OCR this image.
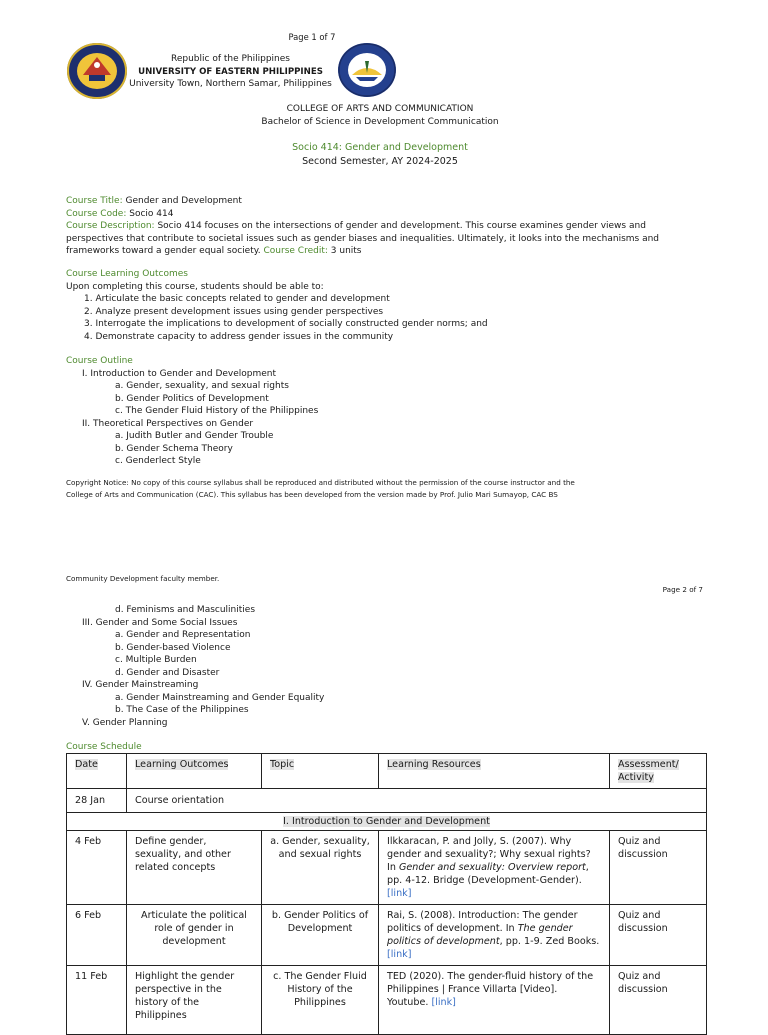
Page 1 of 7
Republic of the Philippines
UNIVERSITY OF EASTERN PHILIPPINES
University Town, Northern Samar, Philippines
COLLEGE OF ARTS AND COMMUNICATION
Bachelor of Science in Development Communication
Socio 414: Gender and Development
Second Semester, AY 2024-2025
Course Title: Gender and Development
Course Code: Socio 414
Course Description: Socio 414 focuses on the intersections of gender and development. This course examines gender views and
perspectives that contribute to societal issues such as gender biases and inequalities. Ultimately, it looks into the mechanisms and
frameworks toward a gender equal society. Course Credit: 3 units
Course Learning Outcomes
Upon completing this course, students should be able to:
1. Articulate the basic concepts related to gender and development
2. Analyze present development issues using gender perspectives
3. Interrogate the implications to development of socially constructed gender norms; and
4. Demonstrate capacity to address gender issues in the community
Course Outline
I. Introduction to Gender and Development
a. Gender, sexuality, and sexual rights
b. Gender Politics of Development
c. The Gender Fluid History of the Philippines
II. Theoretical Perspectives on Gender
a. Judith Butler and Gender Trouble
b. Gender Schema Theory
c. Genderlect Style
Copyright Notice: No copy of this course syllabus shall be reproduced and distributed without the permission of the course instructor and the
College of Arts and Communication (CAC). This syllabus has been developed from the version made by Prof. Julio Mari Sumayop, CAC BS
Community Development faculty member.
Page 2 of 7
d. Feminisms and Masculinities
III. Gender and Some Social Issues
a. Gender and Representation
b. Gender-based Violence
c. Multiple Burden
d. Gender and Disaster
IV. Gender Mainstreaming
a. Gender Mainstreaming and Gender Equality
b. The Case of the Philippines
V. Gender Planning
Course Schedule
Date	Learning Outcomes	Topic	Learning Resources	Assessment/ Activity
28 Jan	Course orientation			
I. Introduction to Gender and Development				
4 Feb	Define gender, sexuality, and other related concepts	a. Gender, sexuality, and sexual rights	Ilkkaracan, P. and Jolly, S. (2007). Why gender and sexuality?; Why sexual rights? In Gender and sexuality: Overview report, pp. 4-12. Bridge (Development-Gender). [link]	Quiz and discussion
6 Feb	Articulate the political role of gender in development	b. Gender Politics of Development	Rai, S. (2008). Introduction: The gender politics of development. In The gender politics of development, pp. 1-9. Zed Books. [link]	Quiz and discussion
11 Feb	Highlight the gender perspective in the history of the Philippines	c. The Gender Fluid History of the Philippines	TED (2020). The gender-fluid history of the Philippines | France Villarta [Video]. Youtube. [link]	Quiz and discussion
